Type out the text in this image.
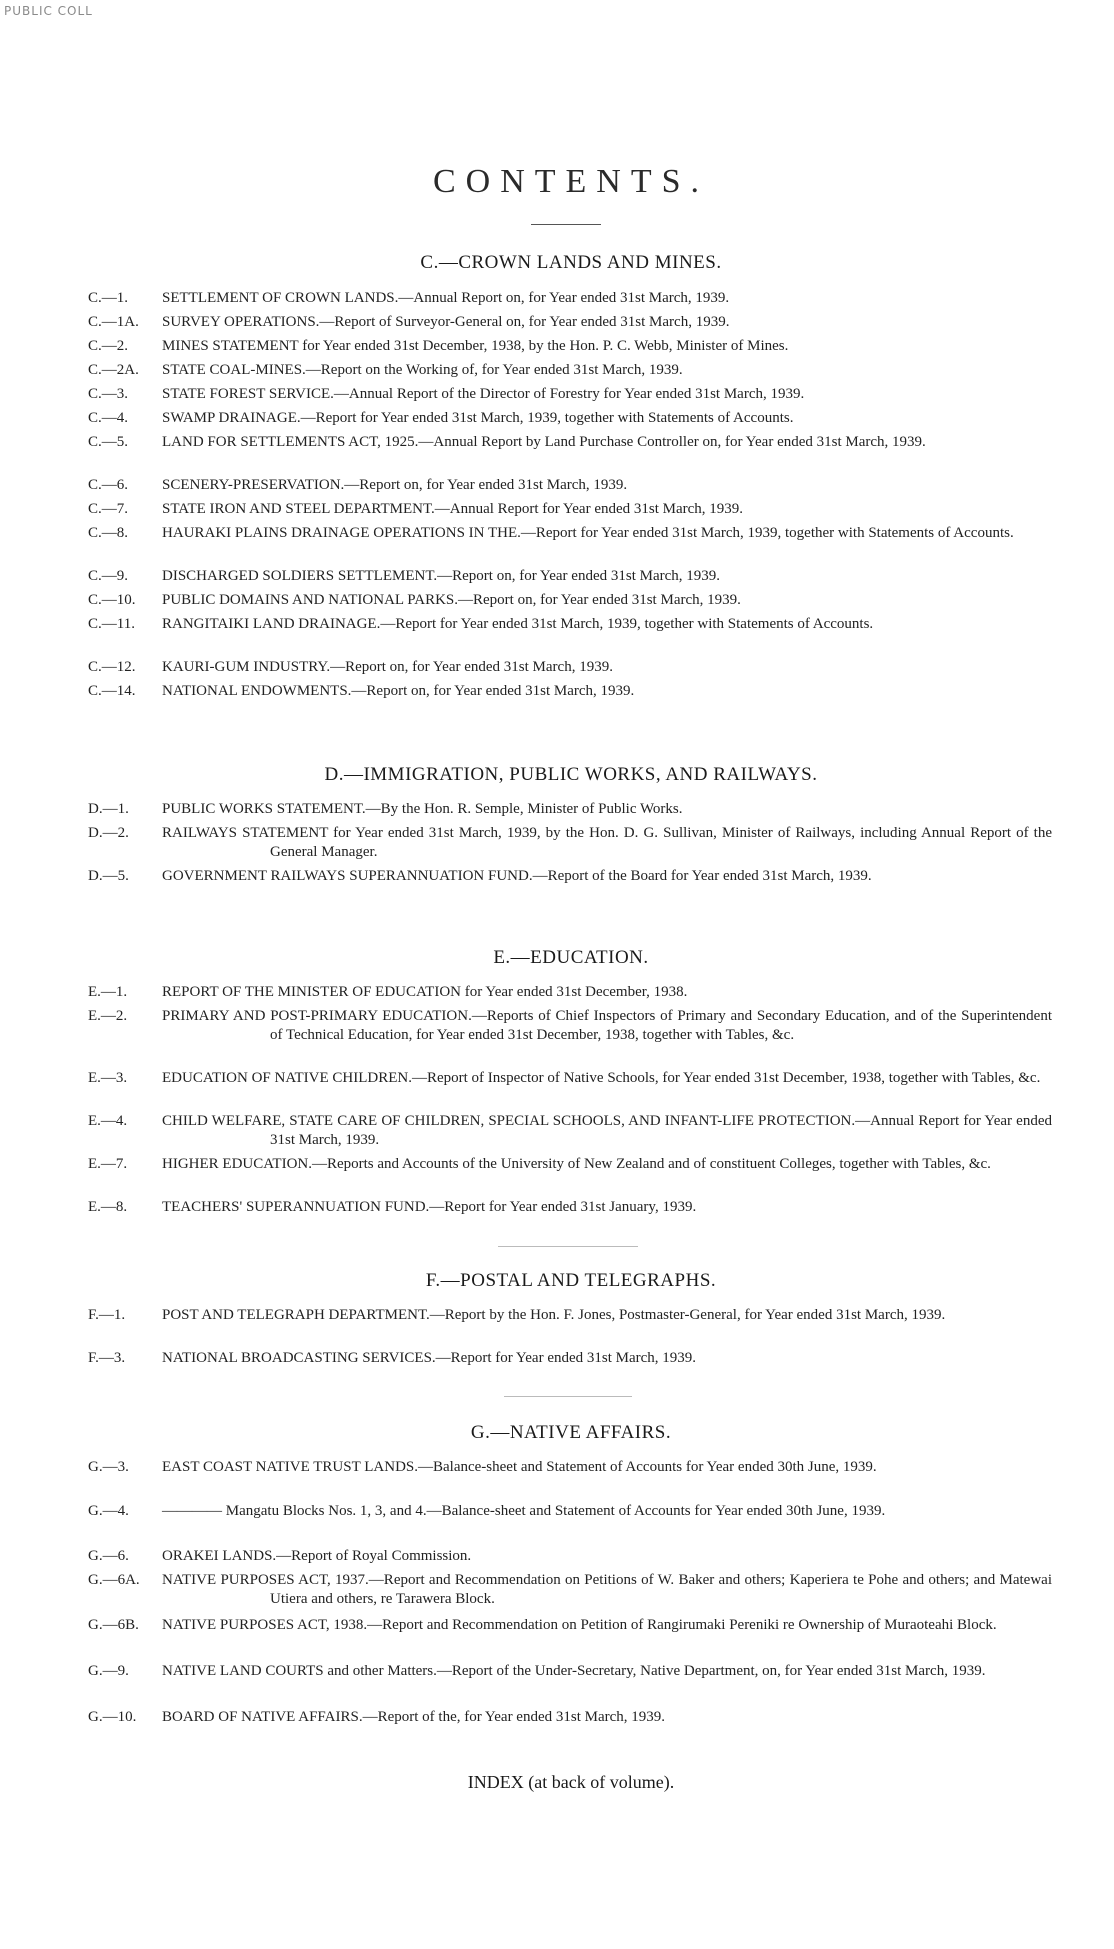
PUBLIC COLL
CONTENTS.
C.—CROWN LANDS AND MINES.
C.—1.	SETTLEMENT OF CROWN LANDS.—Annual Report on, for Year ended 31st March, 1939.
C.—1A.	SURVEY OPERATIONS.—Report of Surveyor-General on, for Year ended 31st March, 1939.
C.—2.	MINES STATEMENT for Year ended 31st December, 1938, by the Hon. P. C. Webb, Minister of Mines.
C.—2A.	STATE COAL-MINES.—Report on the Working of, for Year ended 31st March, 1939.
C.—3.	STATE FOREST SERVICE.—Annual Report of the Director of Forestry for Year ended 31st March, 1939.
C.—4.	SWAMP DRAINAGE.—Report for Year ended 31st March, 1939, together with Statements of Accounts.
C.—5.	LAND FOR SETTLEMENTS ACT, 1925.—Annual Report by Land Purchase Controller on, for Year ended 31st March, 1939.
C.—6.	SCENERY-PRESERVATION.—Report on, for Year ended 31st March, 1939.
C.—7.	STATE IRON AND STEEL DEPARTMENT.—Annual Report for Year ended 31st March, 1939.
C.—8.	HAURAKI PLAINS DRAINAGE OPERATIONS IN THE.—Report for Year ended 31st March, 1939, together with Statements of Accounts.
C.—9.	DISCHARGED SOLDIERS SETTLEMENT.—Report on, for Year ended 31st March, 1939.
C.—10.	PUBLIC DOMAINS AND NATIONAL PARKS.—Report on, for Year ended 31st March, 1939.
C.—11.	RANGITAIKI LAND DRAINAGE.—Report for Year ended 31st March, 1939, together with Statements of Accounts.
C.—12.	KAURI-GUM INDUSTRY.—Report on, for Year ended 31st March, 1939.
C.—14.	NATIONAL ENDOWMENTS.—Report on, for Year ended 31st March, 1939.
D.—IMMIGRATION, PUBLIC WORKS, AND RAILWAYS.
D.—1.	PUBLIC WORKS STATEMENT.—By the Hon. R. Semple, Minister of Public Works.
D.—2.	RAILWAYS STATEMENT for Year ended 31st March, 1939, by the Hon. D. G. Sullivan, Minister of Railways, including Annual Report of the General Manager.
D.—5.	GOVERNMENT RAILWAYS SUPERANNUATION FUND.—Report of the Board for Year ended 31st March, 1939.
E.—EDUCATION.
E.—1.	REPORT OF THE MINISTER OF EDUCATION for Year ended 31st December, 1938.
E.—2.	PRIMARY AND POST-PRIMARY EDUCATION.—Reports of Chief Inspectors of Primary and Secondary Education, and of the Superintendent of Technical Education, for Year ended 31st December, 1938, together with Tables, &c.
E.—3.	EDUCATION OF NATIVE CHILDREN.—Report of Inspector of Native Schools, for Year ended 31st December, 1938, together with Tables, &c.
E.—4.	CHILD WELFARE, STATE CARE OF CHILDREN, SPECIAL SCHOOLS, AND INFANT-LIFE PROTECTION.—Annual Report for Year ended 31st March, 1939.
E.—7.	HIGHER EDUCATION.—Reports and Accounts of the University of New Zealand and of constituent Colleges, together with Tables, &c.
E.—8.	TEACHERS' SUPERANNUATION FUND.—Report for Year ended 31st January, 1939.
F.—POSTAL AND TELEGRAPHS.
F.—1.	POST AND TELEGRAPH DEPARTMENT.—Report by the Hon. F. Jones, Postmaster-General, for Year ended 31st March, 1939.
F.—3.	NATIONAL BROADCASTING SERVICES.—Report for Year ended 31st March, 1939.
G.—NATIVE AFFAIRS.
G.—3.	EAST COAST NATIVE TRUST LANDS.—Balance-sheet and Statement of Accounts for Year ended 30th June, 1939.
G.—4.	———— Mangatu Blocks Nos. 1, 3, and 4.—Balance-sheet and Statement of Accounts for Year ended 30th June, 1939.
G.—6.	ORAKEI LANDS.—Report of Royal Commission.
G.—6A.	NATIVE PURPOSES ACT, 1937.—Report and Recommendation on Petitions of W. Baker and others; Kaperiera te Pohe and others; and Matewai Utiera and others, re Tarawera Block.
G.—6B.	NATIVE PURPOSES ACT, 1938.—Report and Recommendation on Petition of Rangirumaki Pereniki re Ownership of Muraoteahi Block.
G.—9.	NATIVE LAND COURTS and other Matters.—Report of the Under-Secretary, Native Department, on, for Year ended 31st March, 1939.
G.—10.	BOARD OF NATIVE AFFAIRS.—Report of the, for Year ended 31st March, 1939.
INDEX (at back of volume).
